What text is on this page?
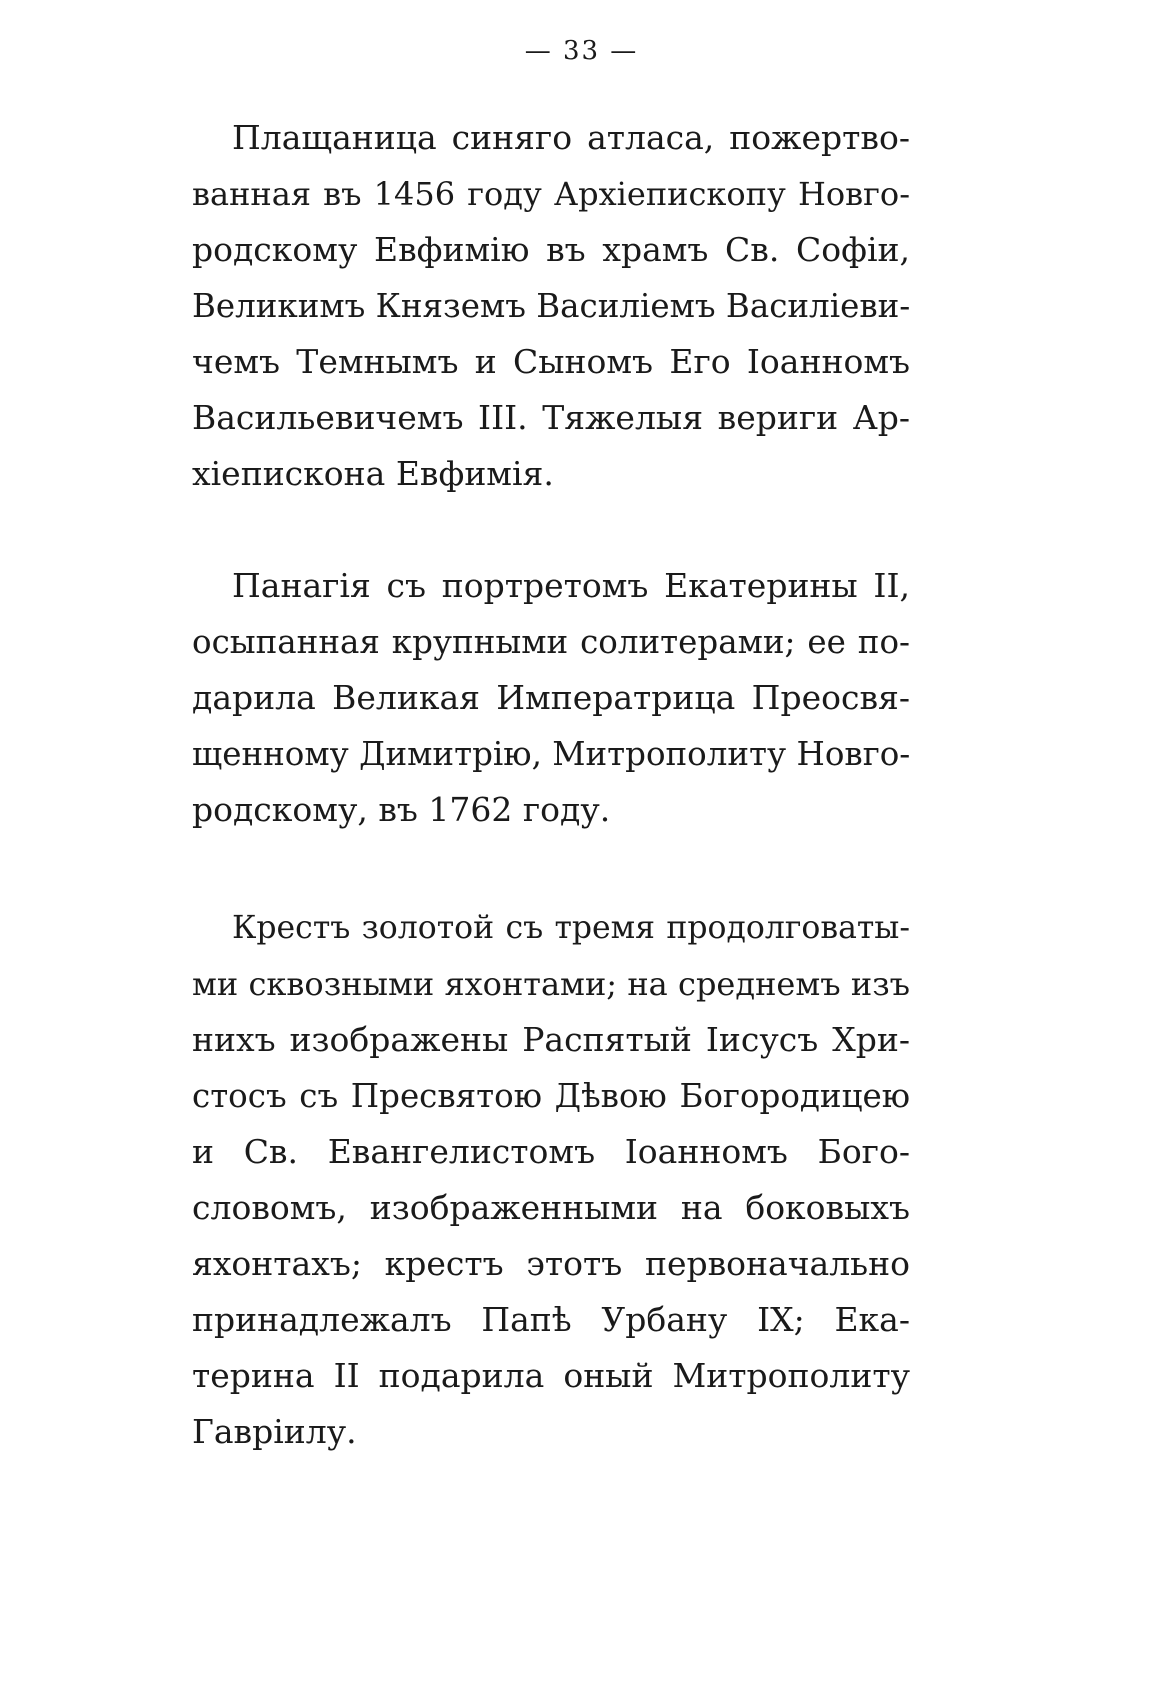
— 33 —
Плащаница синяго атласа, пожертво-
ванная въ 1456 году Архіепископу Новго-
родскому Евфимію въ храмъ Св. Софіи,
Великимъ Княземъ Василіемъ Василіеви-
чемъ Темнымъ и Сыномъ Его Іоанномъ
Васильевичемъ III. Тяжелыя вериги Ар-
хіепискона Евфимія.
Панагія съ портретомъ Екатерины II,
осыпанная крупными солитерами; ее по-
дарила Великая Императрица Преосвя-
щенному Димитрію, Митрополиту Новго-
родскому, въ 1762 году.
Крестъ золотой съ тремя продолговаты-
ми сквозными яхонтами; на среднемъ изъ
нихъ изображены Распятый Іисусъ Хри-
стосъ съ Пресвятою Дѣвою Богородицею
и Св. Евангелистомъ Іоанномъ Бого-
словомъ, изображенными на боковыхъ
яхонтахъ; крестъ этотъ первоначально
принадлежалъ Папѣ Урбану IX; Ека-
терина II подарила оный Митрополиту
Гаврiилу.
